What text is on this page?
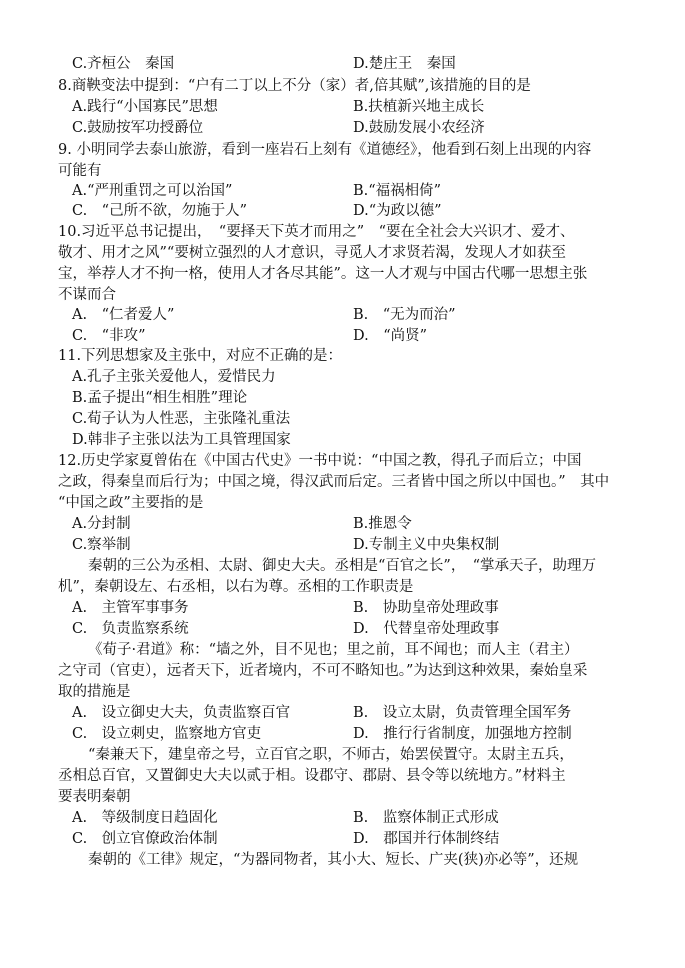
C.齐桓公　秦国	D.楚庄王　秦国
8.商鞅变法中提到：“户有二丁以上不分（家）者,倍其赋”,该措施的目的是
A.践行“小国寡民”思想	B.扶植新兴地主成长
C.鼓励按军功授爵位	D.鼓励发展小农经济
9. 小明同学去泰山旅游，看到一座岩石上刻有《道德经》，他看到石刻上出现的内容
可能有
A.“严刑重罚之可以治国”	B.“福祸相倚”
C.　“己所不欲，勿施于人”	D.“为政以德”
10.习近平总书记提出，　“要择天下英才而用之”　“要在全社会大兴识才、爱才、
敬才、用才之风”“要树立强烈的人才意识，寻觅人才求贤若渴，发现人才如获至
宝，举荐人才不拘一格，使用人才各尽其能”。这一人才观与中国古代哪一思想主张
不谋而合
A.　“仁者爱人”	B.　“无为而治”
C.　“非攻”	D.　“尚贤”
11.下列思想家及主张中，对应不正确的是：
A.孔子主张关爱他人，爱惜民力
B.孟子提出“相生相胜”理论
C.荀子认为人性恶，主张隆礼重法
D.韩非子主张以法为工具管理国家
12.历史学家夏曾佑在《中国古代史》一书中说：“中国之教，得孔子而后立；中国
之政，得秦皇而后行为；中国之境，得汉武而后定。三者皆中国之所以中国也。”　其中
“中国之政”主要指的是
A.分封制	B.推恩令
C.察举制	D.专制主义中央集权制
秦朝的三公为丞相、太尉、御史大夫。丞相是“百官之长”，　“掌承天子，助理万
机”，秦朝设左、右丞相，以右为尊。丞相的工作职责是
A.　主管军事事务	B.　协助皇帝处理政事
C.　负责监察系统	D.　代替皇帝处理政事
《荀子·君道》称：“墙之外，目不见也；里之前，耳不闻也；而人主（君主）
之守司（官吏），远者天下，近者境内，不可不略知也。”为达到这种效果，秦始皇采
取的措施是
A.　设立御史大夫，负责监察百官	B.　设立太尉，负责管理全国军务
C.　设立刺史，监察地方官吏	D.　推行行省制度，加强地方控制
“秦兼天下，建皇帝之号，立百官之职，不师古，始罢侯置守。太尉主五兵，
丞相总百官，又置御史大夫以贰于相。设郡守、郡尉、县令等以统地方。”材料主
要表明秦朝
A.　等级制度日趋固化	B.　监察体制正式形成
C.　创立官僚政治体制	D.　郡国并行体制终结
秦朝的《工律》规定，“为器同物者，其小大、短长、广夹(狭)亦必等”，还规
